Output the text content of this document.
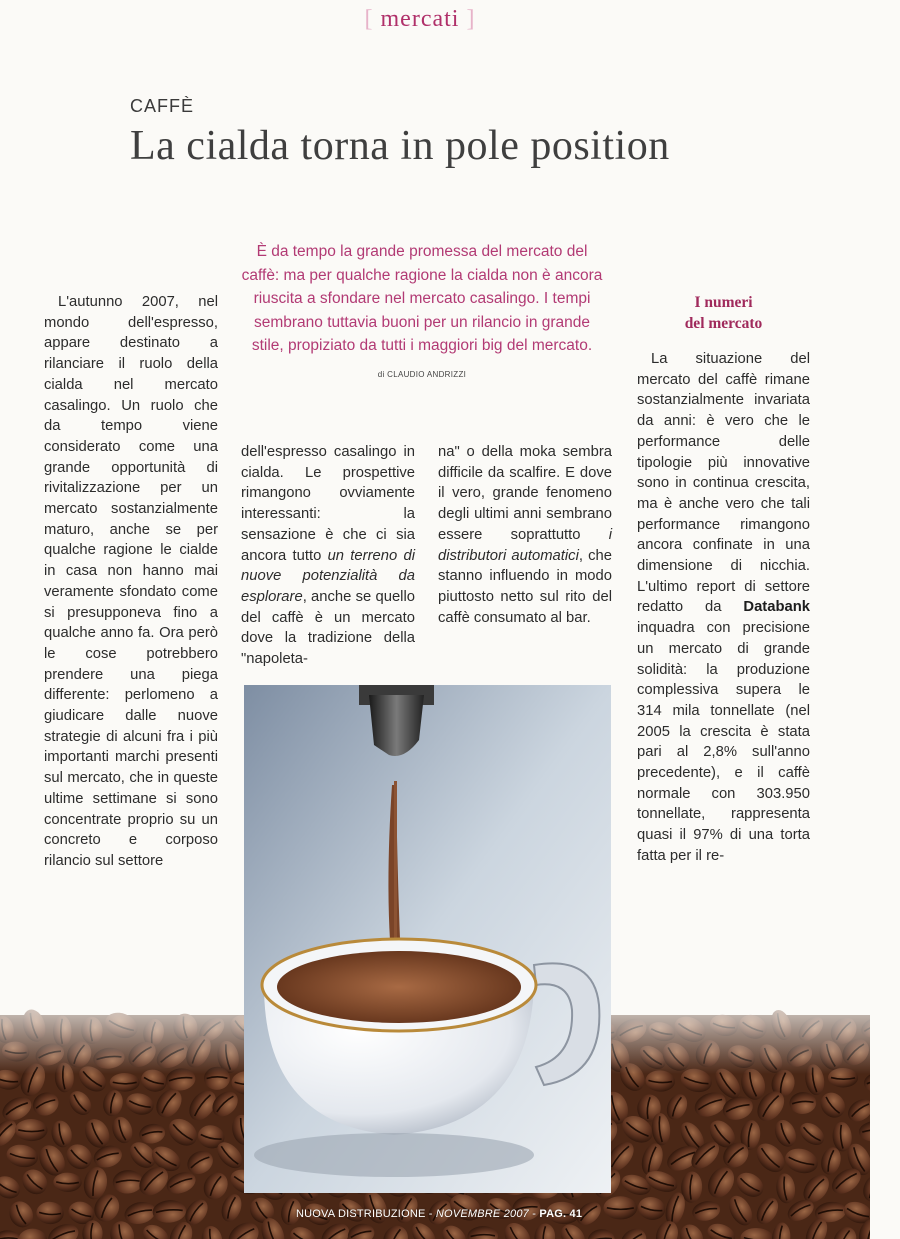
[ mercati ]
CAFFÈ
La cialda torna in pole position
È da tempo la grande promessa del mercato del caffè: ma per qualche ragione la cialda non è ancora riuscita a sfondare nel mercato casalingo. I tempi sembrano tuttavia buoni per un rilancio in grande stile, propiziato da tutti i maggiori big del mercato.
di CLAUDIO ANDRIZZI

L'autunno 2007, nel mondo dell'espresso, appare destinato a rilanciare il ruolo della cialda nel mercato casalingo. Un ruolo che da tempo viene considerato come una grande opportunità di rivitalizzazione per un mercato sostanzialmente maturo, anche se per qualche ragione le cialde in casa non hanno mai veramente sfondato come si presupponeva fino a qualche anno fa. Ora però le cose potrebbero prendere una piega differente: perlomeno a giudicare dalle nuove strategie di alcuni fra i più importanti marchi presenti sul mercato, che in queste ultime settimane si sono concentrate proprio su un concreto e corposo rilancio sul settore

dell'espresso casalingo in cialda. Le prospettive rimangono ovviamente interessanti: la sensazione è che ci sia ancora tutto un terreno di nuove potenzialità da esplorare, anche se quello del caffè è un mercato dove la tradizione della "napoleta-

na" o della moka sembra difficile da scalfire. E dove il vero, grande fenomeno degli ultimi anni sembrano essere soprattutto i distributori automatici, che stanno influendo in modo piuttosto netto sul rito del caffè consumato al bar.

I numeri
del mercato

La situazione del mercato del caffè rimane sostanzialmente invariata da anni: è vero che le performance delle tipologie più innovative sono in continua crescita, ma è anche vero che tali performance rimangono ancora confinate in una dimensione di nicchia. L'ultimo report di settore redatto da Databank inquadra con precisione un mercato di grande solidità: la produzione complessiva supera le 314 mila tonnellate (nel 2005 la crescita è stata pari al 2,8% sull'anno precedente), e il caffè normale con 303.950 tonnellate, rappresenta quasi il 97% di una torta fatta per il re-

NUOVA DISTRIBUZIONE - NOVEMBRE 2007 - PAG. 41
